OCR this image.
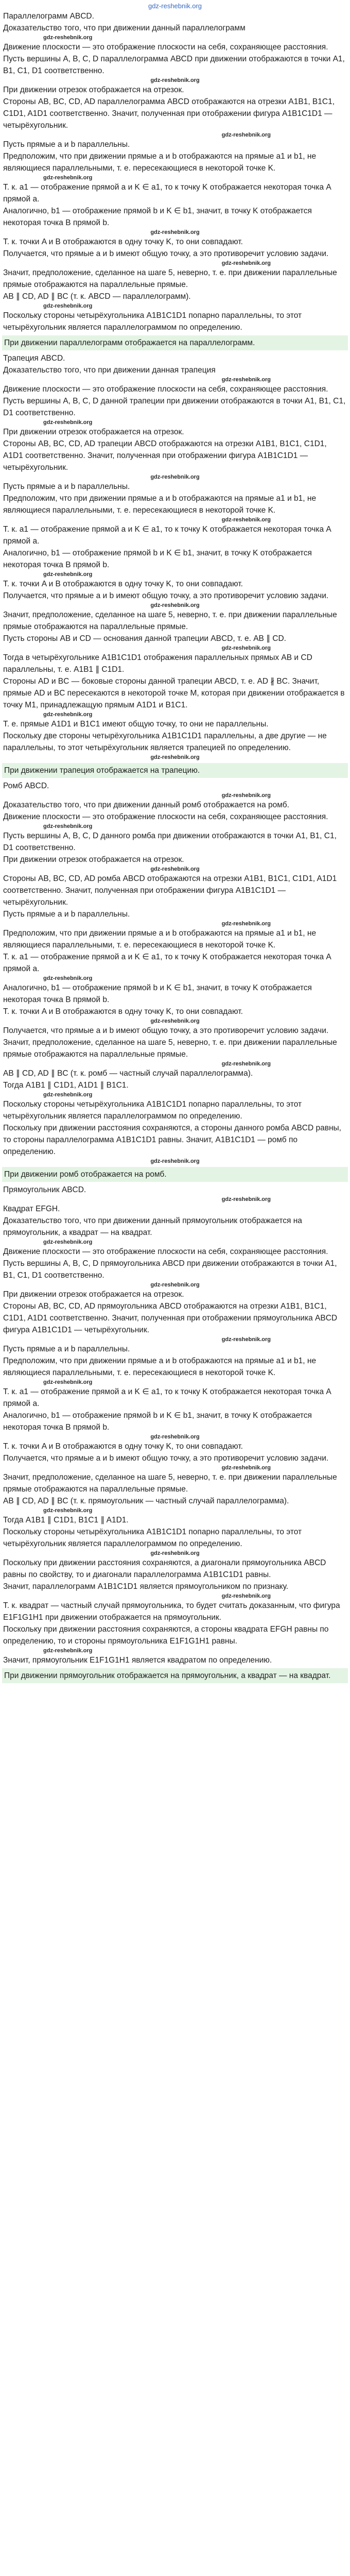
gdz-reshebnik.org
Параллелограмм ABCD.
Доказательство того, что при движении данный параллелограмм
gdz-reshebnik.org
Движение плоскости — это отображение плоскости на себя, сохраняющее расстояния.
Пусть вершины A, B, C, D параллелограмма ABCD при движении отображаются в точки A1, B1, C1, D1 соответственно.
gdz-reshebnik.org
При движении отрезок отображается на отрезок.
Стороны AB, BC, CD, AD параллелограмма ABCD отображаются на отрезки A1B1, B1C1, C1D1, A1D1 соответственно. Значит, полученная при отображении фигура A1B1C1D1 — четырёхугольник.
gdz-reshebnik.org
Пусть прямые a и b параллельны.
Предположим, что при движении прямые a и b отображаются на прямые a1 и b1, не являющиеся параллельными, т. е. пересекающиеся в некоторой точке K.
gdz-reshebnik.org
Т. к. a1 — отображение прямой a и K ∈ a1, то к точку K отображается некоторая точка A прямой a.
Аналогично, b1 — отображение прямой b и K ∈ b1, значит, в точку K отображается некоторая точка B прямой b.
gdz-reshebnik.org
Т. к. точки A и B отображаются в одну точку K, то они совпадают.
Получается, что прямые a и b имеют общую точку, а это противоречит условию задачи.
gdz-reshebnik.org
Значит, предположение, сделанное на шаге 5, неверно, т. е. при движении параллельные прямые отображаются на параллельные прямые.
AB ∥ CD, AD ∥ BC (т. к. ABCD — параллелограмм).
gdz-reshebnik.org
Поскольку стороны четырёхугольника A1B1C1D1 попарно параллельны, то этот четырёхугольник является параллелограммом по определению.
При движении параллелограмм отображается на параллелограмм.
Трапеция ABCD.
Доказательство того, что при движении данная трапеция
gdz-reshebnik.org
Движение плоскости — это отображение плоскости на себя, сохраняющее расстояния.
Пусть вершины A, B, C, D данной трапеции при движении отображаются в точки A1, B1, C1, D1 соответственно.
gdz-reshebnik.org
При движении отрезок отображается на отрезок.
Стороны AB, BC, CD, AD трапеции ABCD отображаются на отрезки A1B1, B1C1, C1D1, A1D1 соответственно. Значит, полученная при отображении фигура A1B1C1D1 — четырёхугольник.
gdz-reshebnik.org
Пусть прямые a и b параллельны.
Предположим, что при движении прямые a и b отображаются на прямые a1 и b1, не являющиеся параллельными, т. е. пересекающиеся в некоторой точке K.
gdz-reshebnik.org
Т. к. a1 — отображение прямой a и K ∈ a1, то к точку K отображается некоторая точка A прямой a.
Аналогично, b1 — отображение прямой b и K ∈ b1, значит, в точку K отображается некоторая точка B прямой b.
gdz-reshebnik.org
Т. к. точки A и B отображаются в одну точку K, то они совпадают.
Получается, что прямые a и b имеют общую точку, а это противоречит условию задачи.
gdz-reshebnik.org
Значит, предположение, сделанное на шаге 5, неверно, т. е. при движении параллельные прямые отображаются на параллельные прямые.
Пусть стороны AB и CD — основания данной трапеции ABCD, т. е. AB ∥ CD.
gdz-reshebnik.org
Тогда в четырёхугольнике A1B1C1D1 отображения параллельных прямых AB и CD параллельны, т. е. A1B1 ∥ C1D1.
Стороны AD и BC — боковые стороны данной трапеции ABCD, т. е. AD ∦ BC. Значит, прямые AD и BC пересекаются в некоторой точке M, которая при движении отображается в точку M1, принадлежащую прямым A1D1 и B1C1.
gdz-reshebnik.org
Т. е. прямые A1D1 и B1C1 имеют общую точку, то они не параллельны.
Поскольку две стороны четырёхугольника A1B1C1D1 параллельны, а две другие — не параллельны, то этот четырёхугольник является трапецией по определению.
gdz-reshebnik.org
При движении трапеция отображается на трапецию.
Ромб ABCD.
gdz-reshebnik.org
Доказательство того, что при движении данный ромб отображается на ромб.
Движение плоскости — это отображение плоскости на себя, сохраняющее расстояния.
gdz-reshebnik.org
Пусть вершины A, B, C, D данного ромба при движении отображаются в точки A1, B1, C1, D1 соответственно.
При движении отрезок отображается на отрезок.
gdz-reshebnik.org
Стороны AB, BC, CD, AD ромба ABCD отображаются на отрезки A1B1, B1C1, C1D1, A1D1 соответственно. Значит, полученная при отображении фигура A1B1C1D1 — четырёхугольник.
Пусть прямые a и b параллельны.
gdz-reshebnik.org
Предположим, что при движении прямые a и b отображаются на прямые a1 и b1, не являющиеся параллельными, т. е. пересекающиеся в некоторой точке K.
Т. к. a1 — отображение прямой a и K ∈ a1, то к точку K отображается некоторая точка A прямой a.
gdz-reshebnik.org
Аналогично, b1 — отображение прямой b и K ∈ b1, значит, в точку K отображается некоторая точка B прямой b.
Т. к. точки A и B отображаются в одну точку K, то они совпадают.
gdz-reshebnik.org
Получается, что прямые a и b имеют общую точку, а это противоречит условию задачи.
Значит, предположение, сделанное на шаге 5, неверно, т. е. при движении параллельные прямые отображаются на параллельные прямые.
gdz-reshebnik.org
AB ∥ CD, AD ∥ BC (т. к. ромб — частный случай параллелограмма).
Тогда A1B1 ∥ C1D1, A1D1 ∥ B1C1.
gdz-reshebnik.org
Поскольку стороны четырёхугольника A1B1C1D1 попарно параллельны, то этот четырёхугольник является параллелограммом по определению.
Поскольку при движении расстояния сохраняются, а стороны данного ромба ABCD равны, то стороны параллелограмма A1B1C1D1 равны. Значит, A1B1C1D1 — ромб по определению.
gdz-reshebnik.org
При движении ромб отображается на ромб.
Прямоугольник ABCD.
gdz-reshebnik.org
Квадрат EFGH.
Доказательство того, что при движении данный прямоугольник отображается на прямоугольник, а квадрат — на квадрат.
gdz-reshebnik.org
Движение плоскости — это отображение плоскости на себя, сохраняющее расстояния.
Пусть вершины A, B, C, D прямоугольника ABCD при движении отображаются в точки A1, B1, C1, D1 соответственно.
gdz-reshebnik.org
При движении отрезок отображается на отрезок.
Стороны AB, BC, CD, AD прямоугольника ABCD отображаются на отрезки A1B1, B1C1, C1D1, A1D1 соответственно. Значит, полученная при отображении прямоугольника ABCD фигура A1B1C1D1 — четырёхугольник.
gdz-reshebnik.org
Пусть прямые a и b параллельны.
Предположим, что при движении прямые a и b отображаются на прямые a1 и b1, не являющиеся параллельными, т. е. пересекающиеся в некоторой точке K.
gdz-reshebnik.org
Т. к. a1 — отображение прямой a и K ∈ a1, то к точку K отображается некоторая точка A прямой a.
Аналогично, b1 — отображение прямой b и K ∈ b1, значит, в точку K отображается некоторая точка B прямой b.
gdz-reshebnik.org
Т. к. точки A и B отображаются в одну точку K, то они совпадают.
Получается, что прямые a и b имеют общую точку, а это противоречит условию задачи.
gdz-reshebnik.org
Значит, предположение, сделанное на шаге 5, неверно, т. е. при движении параллельные прямые отображаются на параллельные прямые.
AB ∥ CD, AD ∥ BC (т. к. прямоугольник — частный случай параллелограмма).
gdz-reshebnik.org
Тогда A1B1 ∥ C1D1, B1C1 ∥ A1D1.
Поскольку стороны четырёхугольника A1B1C1D1 попарно параллельны, то этот четырёхугольник является параллелограммом по определению.
gdz-reshebnik.org
Поскольку при движении расстояния сохраняются, а диагонали прямоугольника ABCD равны по свойству, то и диагонали параллелограмма A1B1C1D1 равны.
Значит, параллелограмм A1B1C1D1 является прямоугольником по признаку.
gdz-reshebnik.org
Т. к. квадрат — частный случай прямоугольника, то будет считать доказанным, что фигура E1F1G1H1 при движении отображается на прямоугольник.
Поскольку при движении расстояния сохраняются, а стороны квадрата EFGH равны по определению, то и стороны прямоугольника E1F1G1H1 равны.
gdz-reshebnik.org
Значит, прямоугольник E1F1G1H1 является квадратом по определению.
При движении прямоугольник отображается на прямоугольник, а квадрат — на квадрат.
